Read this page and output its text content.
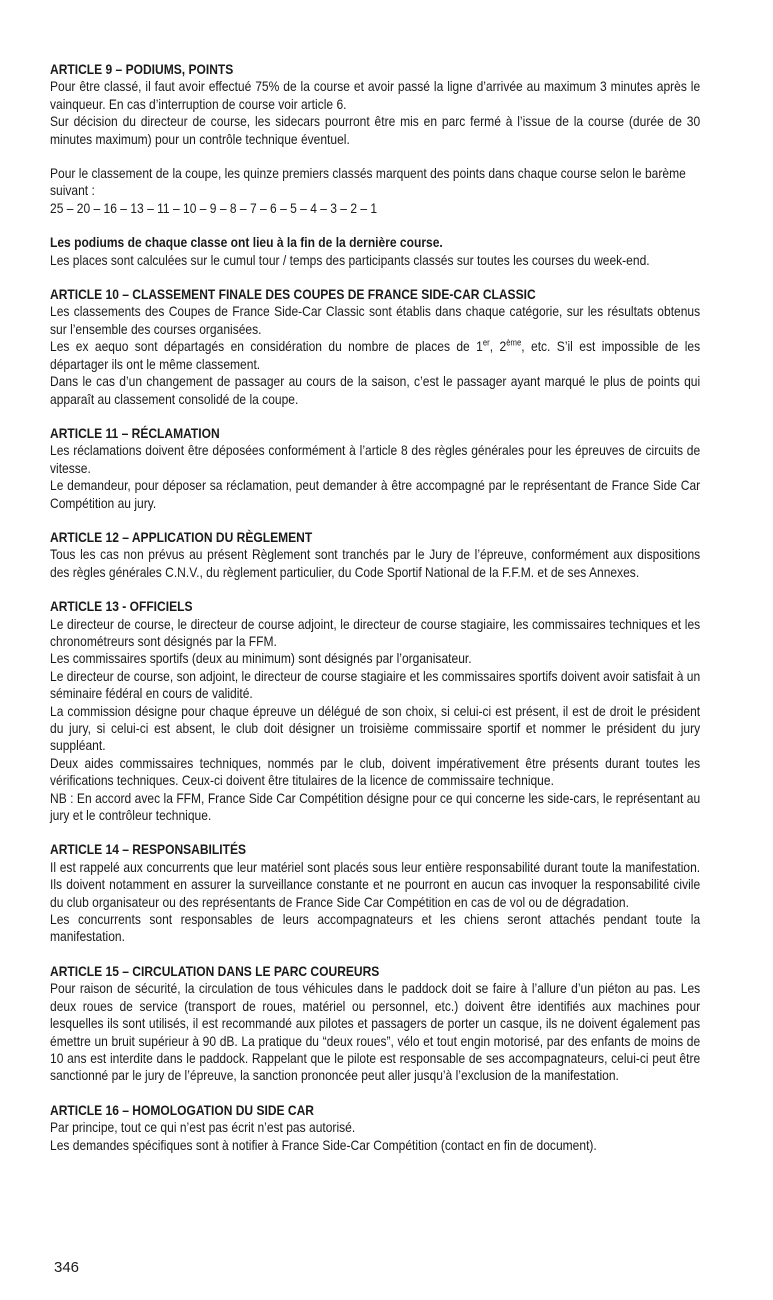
ARTICLE 9 – PODIUMS, POINTS

Pour être classé, il faut avoir effectué 75% de la course et avoir passé la ligne d’arrivée au maximum 3 minutes après le vainqueur. En cas d’interruption de course voir article 6.

Sur décision du directeur de course, les sidecars pourront être mis en parc fermé à l’issue de la course (durée de 30 minutes maximum) pour un contrôle technique éventuel.

Pour le classement de la coupe, les quinze premiers classés marquent des points dans chaque course selon le barème suivant :

25 – 20 – 16 – 13 – 11 – 10 – 9 – 8 – 7 – 6 – 5 – 4 – 3 – 2 – 1

Les podiums de chaque classe ont lieu à la fin de la dernière course.

Les places sont calculées sur le cumul tour / temps des participants classés sur toutes les courses du week-end.

ARTICLE 10 – CLASSEMENT FINALE DES COUPES DE FRANCE SIDE-CAR CLASSIC

Les classements des Coupes de France Side-Car Classic sont établis dans chaque catégorie, sur les résultats obtenus sur l’ensemble des courses organisées.

Les ex aequo sont départagés en considération du nombre de places de 1er, 2ème, etc. S’il est impossible de les départager ils ont le même classement.

Dans le cas d’un changement de passager au cours de la saison, c’est le passager ayant marqué le plus de points qui apparaît au classement consolidé de la coupe.

ARTICLE 11 – RÉCLAMATION

Les réclamations doivent être déposées conformément à l’article 8 des règles générales pour les épreuves de circuits de vitesse.

Le demandeur, pour déposer sa réclamation, peut demander à être accompagné par le représentant de France Side Car Compétition au jury.

ARTICLE 12 – APPLICATION DU RÈGLEMENT

Tous les cas non prévus au présent Règlement sont tranchés par le Jury de l’épreuve, conformément aux dispositions des règles générales C.N.V., du règlement particulier, du Code Sportif National de la F.F.M. et de ses Annexes.

ARTICLE 13 - OFFICIELS

Le directeur de course, le directeur de course adjoint, le directeur de course stagiaire, les commissaires techniques et les chronométreurs sont désignés par la FFM.

Les commissaires sportifs (deux au minimum) sont désignés par l’organisateur.

Le directeur de course, son adjoint, le directeur de course stagiaire et les commissaires sportifs doivent avoir satisfait à un séminaire fédéral en cours de validité.

La commission désigne pour chaque épreuve un délégué de son choix, si celui-ci est présent, il est de droit le président du jury, si celui-ci est absent, le club doit désigner un troisième commissaire sportif et nommer le président du jury suppléant.

Deux aides commissaires techniques, nommés par le club, doivent impérativement être présents durant toutes les vérifications techniques. Ceux-ci doivent être titulaires de la licence de commissaire technique.

NB : En accord avec la FFM, France Side Car Compétition désigne pour ce qui concerne les side-cars, le représentant au jury et le contrôleur technique.

ARTICLE 14 – RESPONSABILITÉS

Il est rappelé aux concurrents que leur matériel sont placés sous leur entière responsabilité durant toute la manifestation. Ils doivent notamment en assurer la surveillance constante et ne pourront en aucun cas invoquer la responsabilité civile du club organisateur ou des représentants de France Side Car Compétition en cas de vol ou de dégradation.

Les concurrents sont responsables de leurs accompagnateurs et les chiens seront attachés pendant toute la manifestation.

ARTICLE 15 – CIRCULATION DANS LE PARC COUREURS

Pour raison de sécurité, la circulation de tous véhicules dans le paddock doit se faire à l’allure d’un piéton au pas. Les deux roues de service (transport de roues, matériel ou personnel, etc.) doivent être identifiés aux machines pour lesquelles ils sont utilisés, il est recommandé aux pilotes et passagers de porter un casque, ils ne doivent également pas émettre un bruit supérieur à 90 dB. La pratique du “deux roues”, vélo et tout engin motorisé, par des enfants de moins de 10 ans est interdite dans le paddock. Rappelant que le pilote est responsable de ses accompagnateurs, celui-ci peut être sanctionné par le jury de l’épreuve, la sanction prononcée peut aller jusqu’à l’exclusion de la manifestation.

ARTICLE 16 – HOMOLOGATION DU SIDE CAR

Par principe, tout ce qui n’est pas écrit n’est pas autorisé.

Les demandes spécifiques sont à notifier à France Side-Car Compétition (contact en fin de document).

346
